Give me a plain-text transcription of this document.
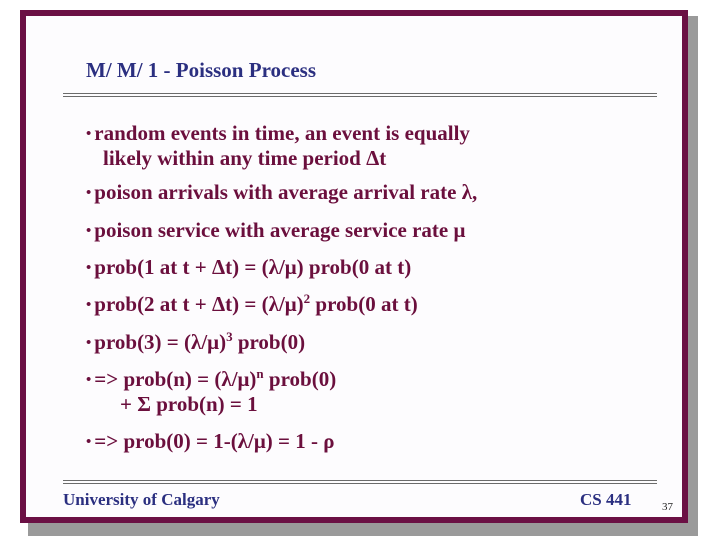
M/ M/ 1 - Poisson Process
• random events in time, an event is equally
likely within any time period Δt
• poison arrivals with average arrival rate λ,
• poison service with average service rate μ
• prob(1 at t + Δt) = (λ/μ) prob(0 at t)
• prob(2 at $t + \Delta t) = (\lambda/\mu)^2$ prob(0 at t)
• prob(3) = $(\lambda/\mu)^3$ prob(0)
• => prob(n) = $(\lambda/\mu)^n$ prob(0)
+ Σ prob(n) = 1
• => prob(0) = 1-(λ/μ) = 1 - ρ
University of Calgary	CS 441	37
